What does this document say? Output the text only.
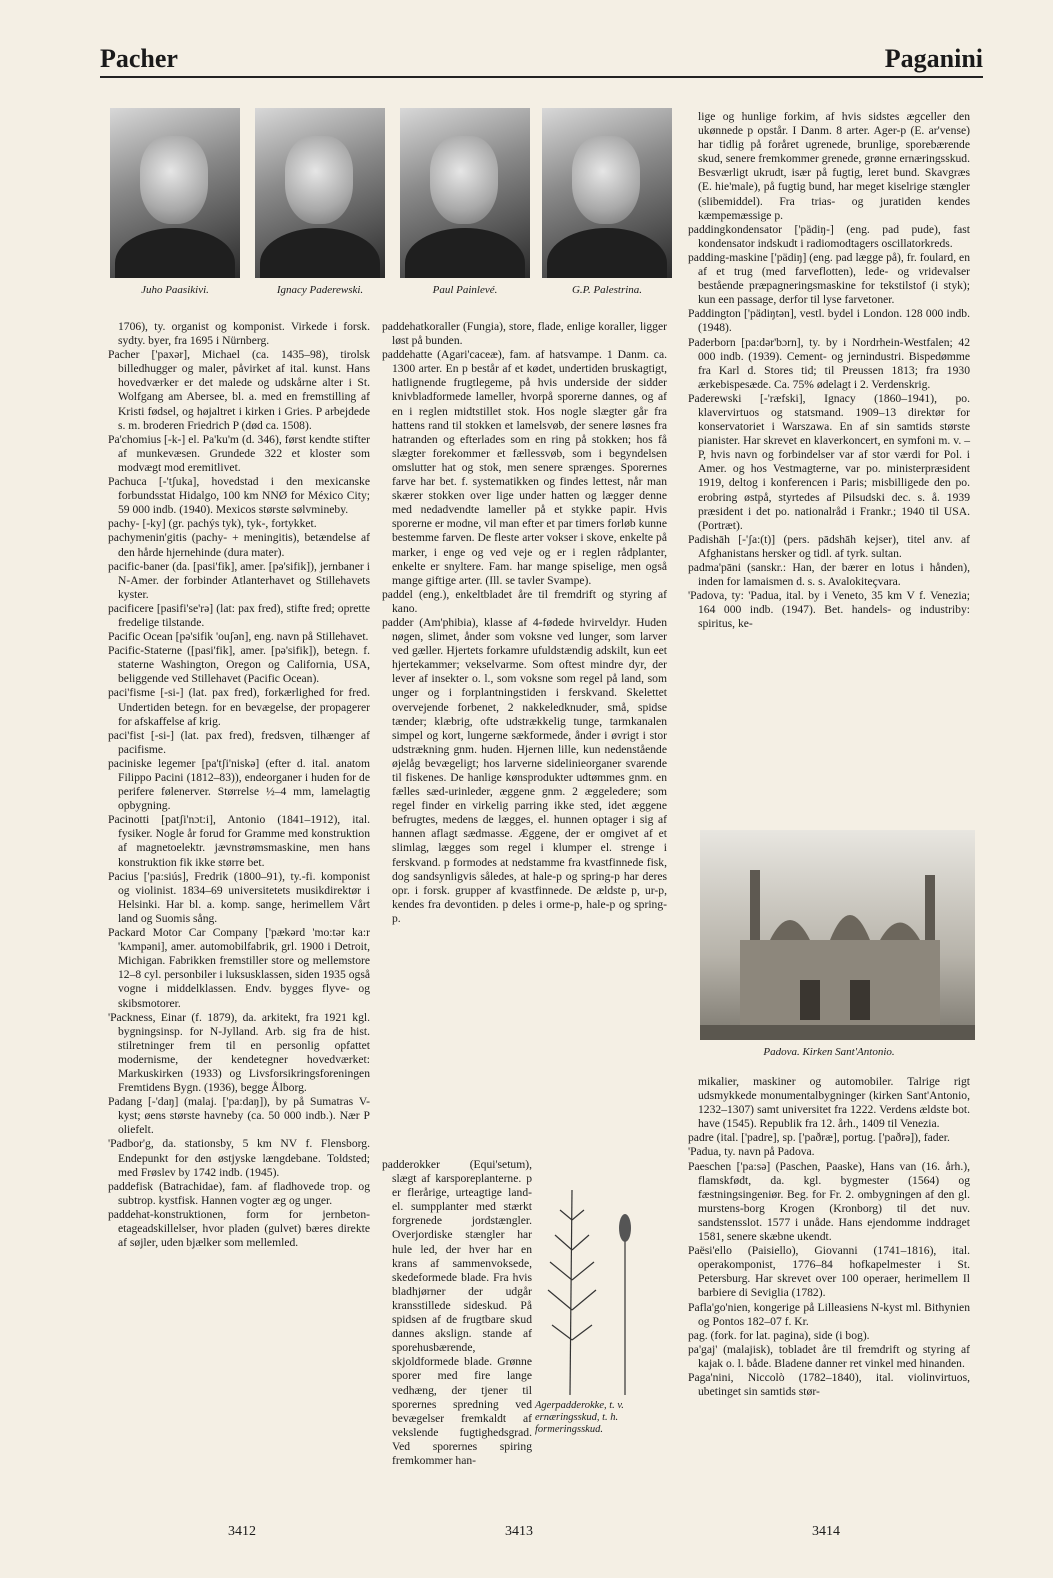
Pacher	Paganini
Juho Paasikivi.	Ignacy Paderewski.	Paul Painlevé.	G.P. Palestrina.

1706), ty. organist og komponist. Virkede i forsk. sydty. byer, fra 1695 i Nürnberg.

Pacher ['paxər], Michael (ca. 1435–98), tirolsk billedhugger og maler, påvirket af ital. kunst. Hans hovedværker er det malede og udskårne alter i St. Wolfgang am Abersee, bl. a. med en fremstilling af Kristi fødsel, og højaltret i kirken i Gries. P arbejdede s. m. broderen Friedrich P (død ca. 1508).

Pa'chomius [-k-] el. Pa'ku'm (d. 346), først kendte stifter af munkevæsen. Grundede 322 et kloster som modvægt mod eremitlivet.

Pachuca [-'tʃuka], hovedstad i den mexicanske forbundsstat Hidalgo, 100 km NNØ for México City; 59 000 indb. (1940). Mexicos største sølvmineby.

pachy- [-ky] (gr. pachýs tyk), tyk-, fortykket.

pachymenin'gitis (pachy- + meningitis), betændelse af den hårde hjernehinde (dura mater).

pacific-baner (da. [pasi'fik], amer. [pə'sifik]), jernbaner i N-Amer. der forbinder Atlanterhavet og Stillehavets kyster.

pacificere [pasifi'se'rə] (lat: pax fred), stifte fred; oprette fredelige tilstande.

Pacific Ocean [pə'sifik 'ouʃən], eng. navn på Stillehavet.

Pacific-Staterne ([pasi'fik], amer. [pə'sifik]), betegn. f. staterne Washington, Oregon og California, USA, beliggende ved Stillehavet (Pacific Ocean).

paci'fisme [-si-] (lat. pax fred), forkærlighed for fred. Undertiden betegn. for en bevægelse, der propagerer for afskaffelse af krig.

paci'fist [-si-] (lat. pax fred), fredsven, tilhænger af pacifisme.

paciniske legemer [pa'tʃi'niskə] (efter d. ital. anatom Filippo Pacini (1812–83)), endeorganer i huden for de perifere følenerver. Størrelse ½–4 mm, lamelagtig opbygning.

Pacinotti [patʃi'nɔt:i], Antonio (1841–1912), ital. fysiker. Nogle år forud for Gramme med konstruktion af magnetoelektr. jævnstrømsmaskine, men hans konstruktion fik ikke større bet.

Pacius ['pa:siús], Fredrik (1800–91), ty.-fi. komponist og violinist. 1834–69 universitetets musikdirektør i Helsinki. Har bl. a. komp. sange, herimellem Vårt land og Suomis sång.

Packard Motor Car Company ['pӕkərd 'mo:tər ka:r 'kʌmpəni], amer. automobilfabrik, grl. 1900 i Detroit, Michigan. Fabrikken fremstiller store og mellemstore 12–8 cyl. personbiler i luksusklassen, siden 1935 også vogne i middelklassen. Endv. bygges flyve- og skibsmotorer.

'Packness, Einar (f. 1879), da. arkitekt, fra 1921 kgl. bygningsinsp. for N-Jylland. Arb. sig fra de hist. stilretninger frem til en personlig opfattet modernisme, der kendetegner hovedværket: Markuskirken (1933) og Livsforsikringsforeningen Fremtidens Bygn. (1936), begge Ålborg.

Padang [-'daŋ] (malaj. ['pa:daŋ]), by på Sumatras V-kyst; øens største havneby (ca. 50 000 indb.). Nær P oliefelt.

'Padbor'g, da. stationsby, 5 km NV f. Flensborg. Endepunkt for den østjyske længdebane. Toldsted; med Frøslev by 1742 indb. (1945).

paddefisk (Batrachidae), fam. af fladhovede trop. og subtrop. kystfisk. Hannen vogter æg og unger.

paddehat-konstruktionen, form for jernbeton-etageadskillelser, hvor pladen (gulvet) bæres direkte af søjler, uden bjælker som mellemled.

paddehatkoraller (Fungia), store, flade, enlige koraller, ligger løst på bunden.

paddehatte (Agari'caceæ), fam. af hatsvampe. 1 Danm. ca. 1300 arter. En p består af et kødet, undertiden bruskagtigt, hatlignende frugtlegeme, på hvis underside der sidder knivbladformede lameller, hvorpå sporerne dannes, og af en i reglen midtstillet stok. Hos nogle slægter går fra hattens rand til stokken et lamelsvøb, der senere løsnes fra hatranden og efterlades som en ring på stokken; hos få slægter forekommer et fællessvøb, som i begyndelsen omslutter hat og stok, men senere sprænges. Sporernes farve har bet. f. systematikken og findes lettest, når man skærer stokken over lige under hatten og lægger denne med nedadvendte lameller på et stykke papir. Hvis sporerne er modne, vil man efter et par timers forløb kunne bestemme farven. De fleste arter vokser i skove, enkelte på marker, i enge og ved veje og er i reglen rådplanter, enkelte er snyltere. Fam. har mange spiselige, men også mange giftige arter. (Ill. se tavler Svampe).

paddel (eng.), enkeltbladet åre til fremdrift og styring af kano.

padder (Am'phibia), klasse af 4-fødede hvirveldyr. Huden nøgen, slimet, ånder som voksne ved lunger, som larver ved gæller. Hjertets forkamre ufuldstændig adskilt, kun eet hjertekammer; vekselvarme. Som oftest mindre dyr, der lever af insekter o. l., som voksne som regel på land, som unger og i forplantningstiden i ferskvand. Skelettet overvejende forbenet, 2 nakkeledknuder, små, spidse tænder; klæbrig, ofte udstrækkelig tunge, tarmkanalen simpel og kort, lungerne sækformede, ånder i øvrigt i stor udstrækning gnm. huden. Hjernen lille, kun nedenstående øjelåg bevægeligt; hos larverne sidelinieorganer svarende til fiskenes. De hanlige kønsprodukter udtømmes gnm. en fælles sæd-urinleder, æggene gnm. 2 æggeledere; som regel finder en virkelig parring ikke sted, idet æggene befrugtes, medens de lægges, el. hunnen optager i sig af hannen aflagt sædmasse. Æggene, der er omgivet af et slimlag, lægges som regel i klumper el. strenge i ferskvand. p formodes at nedstamme fra kvastfinnede fisk, dog sandsynligvis således, at hale-p og spring-p har deres opr. i forsk. grupper af kvastfinnede. De ældste p, ur-p, kendes fra devontiden. p deles i orme-p, hale-p og spring-p.

padderokker (Equi'setum), slægt af karsporeplanterne. p er flerårige, urteagtige land- el. sumpplanter med stærkt forgrenede jordstængler. Overjordiske stængler har hule led, der hver har en krans af sammenvoksede, skedeformede blade. Fra hvis bladhjørner der udgår kransstillede sideskud. På spidsen af de frugtbare skud dannes akslign. stande af sporehusbærende, skjoldformede blade. Grønne sporer med fire lange vedhæng, der tjener til sporernes spredning ved bevægelser fremkaldt af vekslende fugtighedsgrad. Ved sporernes spiring fremkommer han-

Agerpadderokke, t. v. ernæringsskud, t. h. formeringsskud.

lige og hunlige forkim, af hvis sidstes ægceller den ukønnede p opstår. I Danm. 8 arter. Ager-p (E. ar'vense) har tidlig på foråret ugrenede, brunlige, sporebærende skud, senere fremkommer grenede, grønne ernæringsskud. Besværligt ukrudt, især på fugtig, leret bund. Skavgræs (E. hie'male), på fugtig bund, har meget kiselrige stængler (slibemiddel). Fra trias- og juratiden kendes kæmpemæssige p.

paddingkondensator ['pädiŋ-] (eng. pad pude), fast kondensator indskudt i radiomodtagers oscillatorkreds.

padding-maskine ['pädiŋ] (eng. pad lægge på), fr. foulard, en af et trug (med farveflotten), lede- og vridevalser bestående præpagneringsmaskine for tekstilstof (i styk); kun een passage, derfor til lyse farvetoner.

Paddington ['pädiŋtən], vestl. bydel i London. 128 000 indb. (1948).

Paderborn [pa:dər'bɔrn], ty. by i Nordrhein-Westfalen; 42 000 indb. (1939). Cement- og jernindustri. Bispedømme fra Karl d. Stores tid; til Preussen 1813; fra 1930 ærkebispesæde. Ca. 75% ødelagt i 2. Verdenskrig.

Paderewski [-'ræfski], Ignacy (1860–1941), po. klavervirtuos og statsmand. 1909–13 direktør for konservatoriet i Warszawa. En af sin samtids største pianister. Har skrevet en klaverkoncert, en symfoni m. v. – P, hvis navn og forbindelser var af stor værdi for Pol. i Amer. og hos Vestmagterne, var po. ministerpræsident 1919, deltog i konferencen i Paris; misbilligede den po. erobring østpå, styrtedes af Pilsudski dec. s. å. 1939 præsident i det po. nationalråd i Frankr.; 1940 til USA. (Portræt).

Padishāh [-'ʃa:(t)] (pers. pādshāh kejser), titel anv. af Afghanistans hersker og tidl. af tyrk. sultan.

padma'pāni (sanskr.: Han, der bærer en lotus i hånden), inden for lamaismen d. s. s. Avalokiteçvara.

'Padova, ty: 'Padua, ital. by i Veneto, 35 km V f. Venezia; 164 000 indb. (1947). Bet. handels- og industriby: spiritus, ke-

Padova. Kirken Sant'Antonio.

mikalier, maskiner og automobiler. Talrige rigt udsmykkede monumentalbygninger (kirken Sant'Antonio, 1232–1307) samt universitet fra 1222. Verdens ældste bot. have (1545). Republik fra 12. årh., 1409 til Venezia.

padre (ital. ['padre], sp. ['paðræ], portug. ['paðrə]), fader.

'Padua, ty. navn på Padova.

Paeschen ['pa:sə] (Paschen, Paaske), Hans van (16. årh.), flamskfødt, da. kgl. bygmester (1564) og fæstningsingeniør. Beg. for Fr. 2. ombygningen af den gl. murstens-borg Krogen (Kronborg) til det nuv. sandstensslot. 1577 i unåde. Hans ejendomme inddraget 1581, senere skæbne ukendt.

Paësi'ello (Paisiello), Giovanni (1741–1816), ital. operakomponist, 1776–84 hofkapelmester i St. Petersburg. Har skrevet over 100 operaer, herimellem Il barbiere di Seviglia (1782).

Pafla'go'nien, kongerige på Lilleasiens N-kyst ml. Bithynien og Pontos 182–07 f. Kr.

pag. (fork. for lat. pagina), side (i bog).

pa'gaj' (malajisk), tobladet åre til fremdrift og styring af kajak o. l. både. Bladene danner ret vinkel med hinanden.

Paga'nini, Niccolò (1782–1840), ital. violinvirtuos, ubetinget sin samtids stør-

3412	3413	3414
